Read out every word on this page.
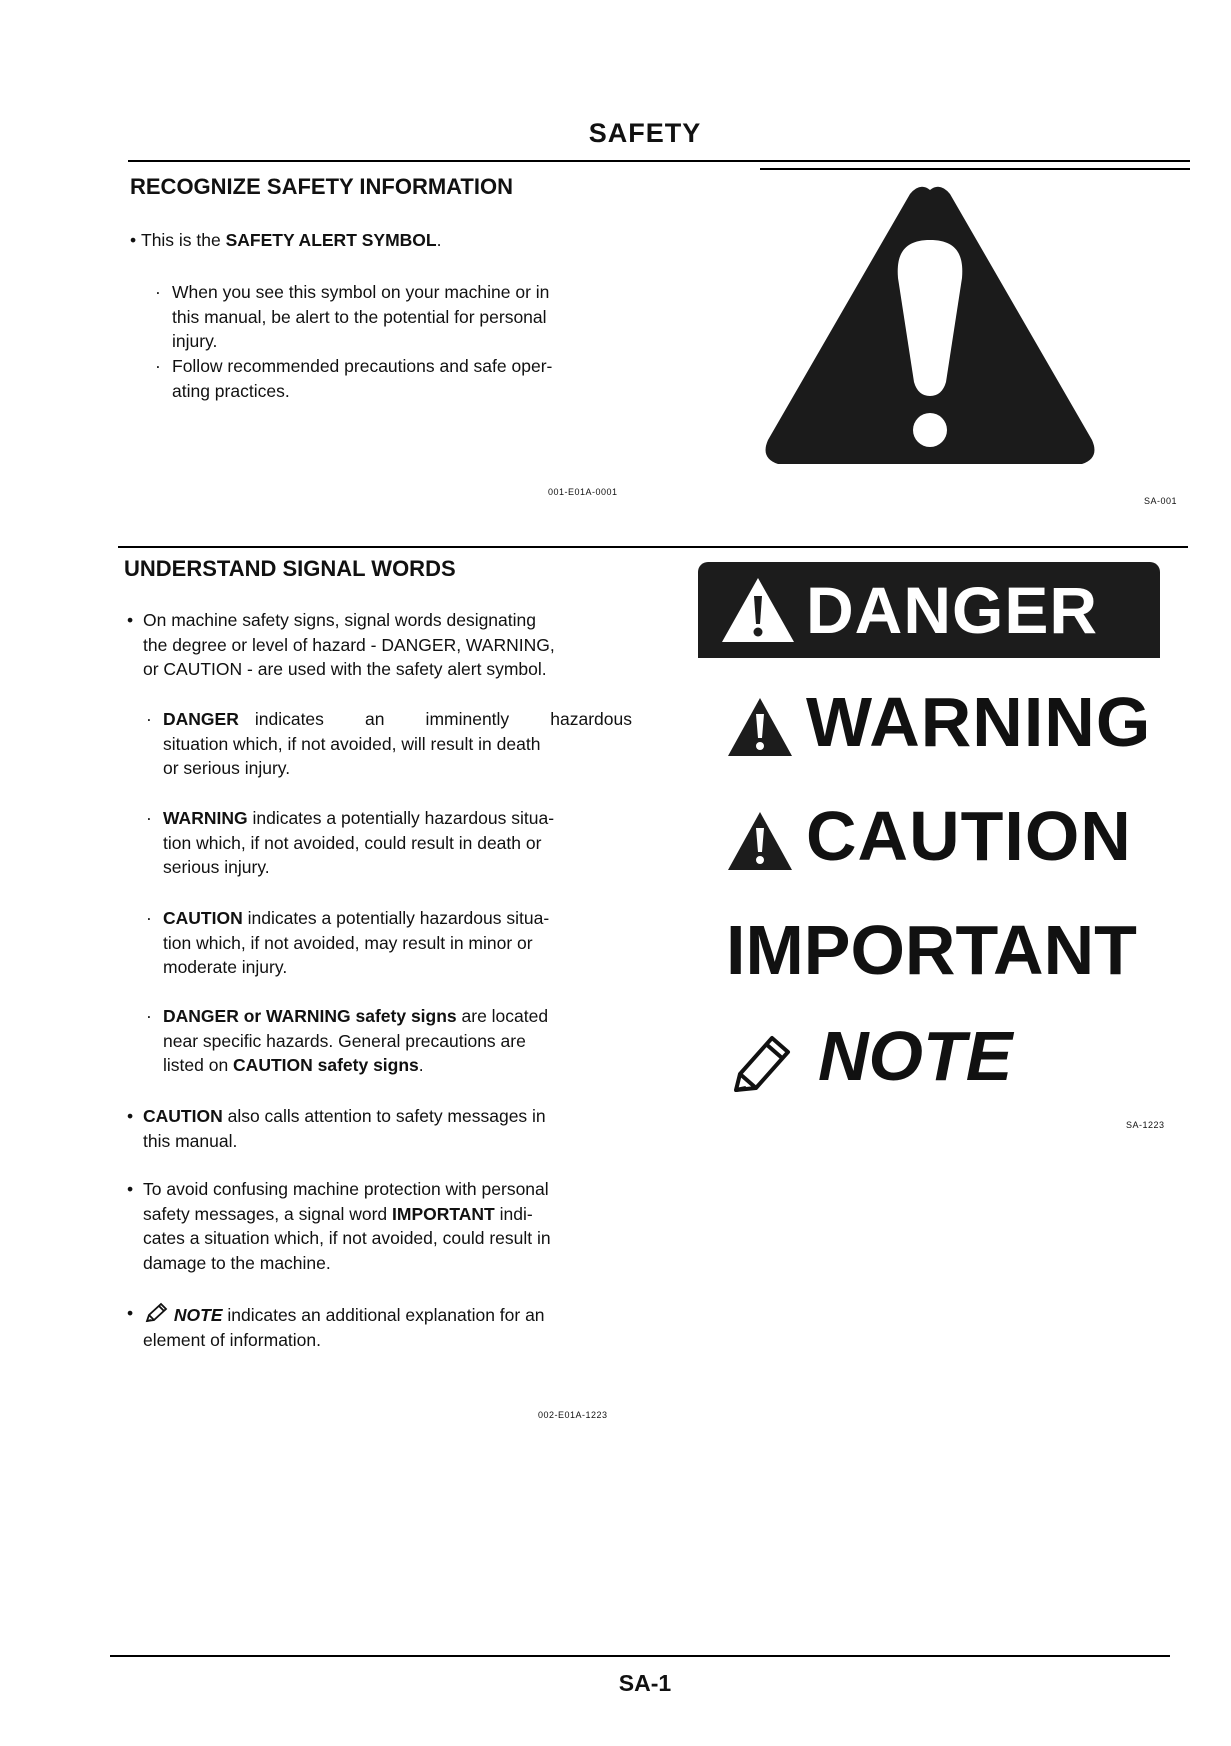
SAFETY
RECOGNIZE SAFETY INFORMATION
• This is the SAFETY ALERT SYMBOL.
· When you see this symbol on your machine or in
this manual, be alert to the potential for personal
injury.
· Follow recommended precautions and safe oper-
ating practices.
001-E01A-0001
SA-001
UNDERSTAND SIGNAL WORDS
• On machine safety signs, signal words designating
the degree or level of hazard - DANGER, WARNING,
or CAUTION - are used with the safety alert symbol.
· DANGER indicates an imminently hazardous
situation which, if not avoided, will result in death
or serious injury.
· WARNING indicates a potentially hazardous situa-
tion which, if not avoided, could result in death or
serious injury.
· CAUTION indicates a potentially hazardous situa-
tion which, if not avoided, may result in minor or
moderate injury.
· DANGER or WARNING safety signs are located
near specific hazards. General precautions are
listed on CAUTION safety signs.
• CAUTION also calls attention to safety messages in
this manual.
• To avoid confusing machine protection with personal
safety messages, a signal word IMPORTANT indi-
cates a situation which, if not avoided, could result in
damage to the machine.
•	NOTE indicates an additional explanation for an
element of information.
002-E01A-1223
DANGER
WARNING
CAUTION
IMPORTANT
NOTE
SA-1223
SA-1
